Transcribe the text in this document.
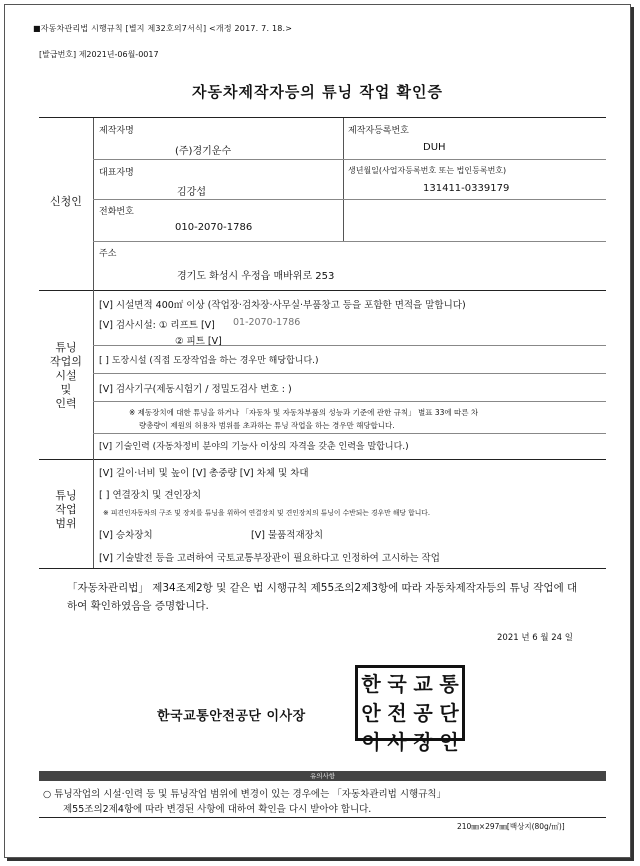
■자동차관리법 시행규칙 [별지 제32호의7서식] <개정 2017. 7. 18.>
[발급번호] 제2021년-06월-0017
자동차제작자등의 튜닝 작업 확인증
신청인
제작자명
(주)경기운수
제작자등록번호
DUH
대표자명
김강섭
생년월일(사업자등록번호 또는 법인등록번호)
131411-0339179
전화번호
010-2070-1786
주소
경기도 화성시 우정읍 매바위로 253
튜닝
작업의
시설
및
인력
[V] 시설면적 400㎡ 이상 (작업장·검차장·사무실·부품창고 등을 포함한 면적을 말합니다)
[V] 검사시설: ① 리프트 [V] 01-2070-1786
② 피트 [V]
[ ] 도장시설 (직접 도장작업을 하는 경우만 해당합니다.)
[V] 검사기구(제동시험기 / 정밀도검사 번호 : )
※ 제동장치에 대한 튜닝을 하거나 「자동차 및 자동차부품의 성능과 기준에 관한 규칙」 별표 33에 따른 차
량총량이 제원의 허용차 범위를 초과하는 튜닝 작업을 하는 경우만 해당합니다.
[V] 기술인력 (자동차정비 분야의 기능사 이상의 자격을 갖춘 인력을 말합니다.)
튜닝
작업
범위
[V] 길이·너비 및 높이 [V] 총중량 [V] 차체 및 차대
[ ] 연결장치 및 견인장치
※ 피견인자동차의 구조 및 장치를 튜닝을 위하여 연결장치 및 견인장치의 튜닝이 수반되는 경우만 해당 합니다.
[V] 승차장치	[V] 물품적재장치
[V] 기술발전 등을 고려하여 국토교통부장관이 필요하다고 인정하여 고시하는 작업
「자동차관리법」 제34조제2항 및 같은 법 시행규칙 제55조의2제3항에 따라 자동차제작자등의 튜닝 작업에 대하여 확인하였음을 증명합니다.
2021 년 6 월 24 일
한국교통안전공단 이사장
한 국 교 통
안 전 공 단
이 사 장 인
유의사항
○ 튜닝작업의 시설·인력 등 및 튜닝작업 범위에 변경이 있는 경우에는 「자동차관리법 시행규칙」
제55조의2제4항에 따라 변경된 사항에 대하여 확인을 다시 받아야 합니다.
210㎜×297㎜[백상지(80g/㎡)]
